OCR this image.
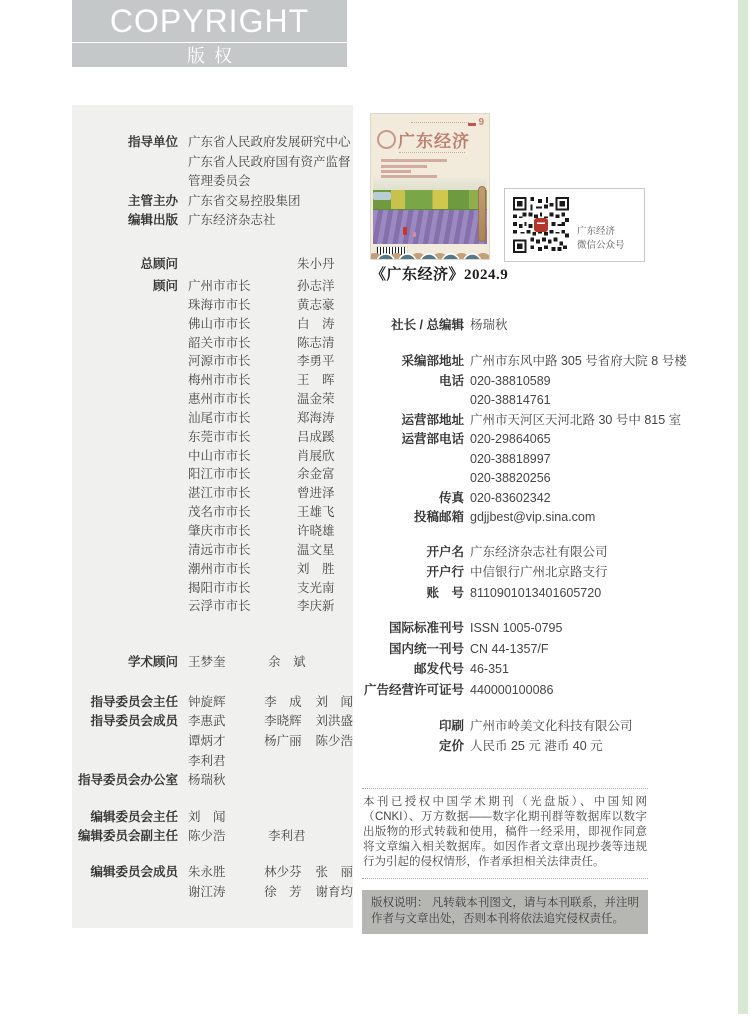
COPYRIGHT
版权
指导单位 广东省人民政府发展研究中心
广东省人民政府国有资产监督
管理委员会
主管主办 广东省交易控股集团
编辑出版 广东经济杂志社
总顾问	朱小丹
顾问 广州市市长	孙志洋
珠海市市长	黄志豪
佛山市市长	白　涛
韶关市市长	陈志清
河源市市长	李勇平
梅州市市长	王　晖
惠州市市长	温金荣
汕尾市市长	郑海涛
东莞市市长	吕成蹊
中山市市长	肖展欣
阳江市市长	余金富
湛江市市长	曾进泽
茂名市市长	王雄飞
肇庆市市长	许晓雄
清远市市长	温文星
潮州市市长	刘　胜
揭阳市市长	支光南
云浮市市长	李庆新
学术顾问 王梦奎	余　斌
指导委员会主任 钟旋辉	李　成	刘　闻
指导委员会成员 李惠武	李晓辉	刘洪盛
谭炳才	杨广丽	陈少浩
李利君
指导委员会办公室 杨瑞秋
编辑委员会主任 刘　闻
编辑委员会副主任 陈少浩	李利君
编辑委员会成员 朱永胜	林少芬	张　丽
谢江涛	徐　芳	谢育均
9
广东经济
《广东经济》2024.9
广东经济
微信公众号
社长 / 总编辑 杨瑞秋
采编部地址 广州市东风中路 305 号省府大院 8 号楼
电话 020-38810589
020-38814761
运营部地址 广州市天河区天河北路 30 号中 815 室
运营部电话 020-29864065
020-38818997
020-38820256
传真 020-83602342
投稿邮箱 gdjjbest@vip.sina.com
开户名 广东经济杂志社有限公司
开户行 中信银行广州北京路支行
账　号 8110901013401605720
国际标准刊号 ISSN 1005-0795
国内统一刊号 CN 44-1357/F
邮发代号 46-351
广告经营许可证号 440000100086
印刷 广州市岭美文化科技有限公司
定价 人民币 25 元 港币 40 元
本刊已授权中国学术期刊（光盘版）、中国知网（CNKI）、万方数据——数字化期刊群等数据库以数字出版物的形式转载和使用，稿件一经采用，即视作同意将文章编入相关数据库。如因作者文章出现抄袭等违规行为引起的侵权情形，作者承担相关法律责任。
版权说明： 凡转载本刊图文，请与本刊联系，并注明作者与文章出处，否则本刊将依法追究侵权责任。
